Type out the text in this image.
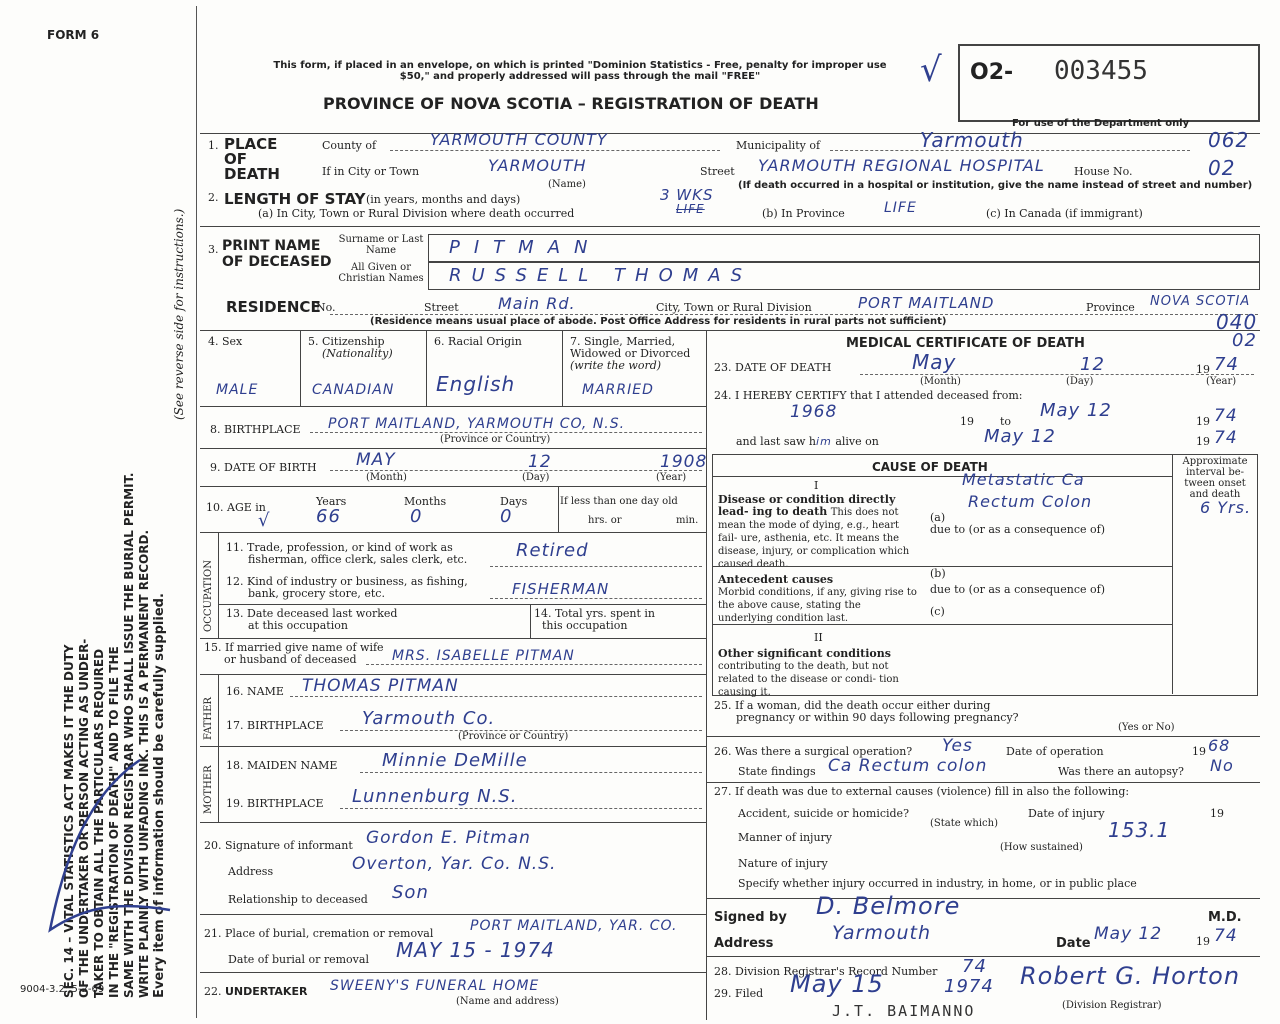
FORM 6
9004-3.2: 5-2-69
This form, if placed in an envelope, on which is printed "Dominion Statistics - Free, penalty for improper use $50," and properly addressed will pass through the mail "FREE"
PROVINCE OF NOVA SCOTIA – REGISTRATION OF DEATH
O2- 003455
For use of the Department only
√
SEC. 14 – VITAL STATISTICS ACT MAKES IT THE DUTY OF THE UNDERTAKER OR PERSON ACTING AS UNDER- TAKER TO OBTAIN ALL THE PARTICULARS REQUIRED IN THE "REGISTRATION OF DEATH" AND TO FILE THE SAME WITH THE DIVISION REGISTRAR WHO SHALL ISSUE THE BURIAL PERMIT. WRITE PLAINLY WITH UNFADING INK. THIS IS A PERMANENT RECORD. Every item of information should be carefully supplied.
(See reverse side for instructions.)
1. PLACE OF DEATH
County of	YARMOUTH COUNTY	Municipality of	Yarmouth	062
If in City or Town	YARMOUTH
(Name)
Street YARMOUTH REGIONAL HOSPITAL	House No.	02
(If death occurred in a hospital or institution, give the name instead of street and number)
2. LENGTH OF STAY (in years, months and days)
(a) In City, Town or Rural Division where death occurred
3 WKS
LIFE	(b) In Province	LIFE	(c) In Canada (if immigrant)
3. PRINT NAME OF DECEASED
Surname or Last Name
All Given or Christian Names
PITMAN
RUSSELL THOMAS
RESIDENCE
No.	Street Main Rd.	City, Town or Rural Division	PORT MAITLAND	Province NOVA SCOTIA
(Residence means usual place of abode. Post Office Address for residents in rural parts not sufficient)	040
02
4. Sex
MALE
5. Citizenship
(Nationality)
CANADIAN
6. Racial Origin
English
7. Single, Married, Widowed or Divorced
(write the word)
MARRIED
8. BIRTHPLACE PORT MAITLAND, YARMOUTH CO, N.S.
(Province or Country)
9. DATE OF BIRTH MAY	12	1908
(Month)	(Day)	(Year)
10. AGE in
√
Years	Months	Days	If less than one day old
hrs. or	min.
66	0	0
OCCUPATION
11. Trade, profession, or kind of work as
fisherman, office clerk, sales clerk, etc.	Retired
12. Kind of industry or business, as fishing,
bank, grocery store, etc.	FISHERMAN
13. Date deceased last worked
at this occupation
14. Total yrs. spent in
this occupation
15. If married give name of wife
or husband of deceased	MRS. ISABELLE PITMAN
FATHER
16. NAME THOMAS PITMAN
17. BIRTHPLACE Yarmouth Co.
(Province or Country)
MOTHER 18. MAIDEN NAME Minnie DeMille
19. BIRTHPLACE Lunnenburg N.S.
20. Signature of informant Gordon E. Pitman
Address	Overton, Yar. Co. N.S.
Relationship to deceased Son
21. Place of burial, cremation or removal	PORT MAITLAND, YAR. CO.
Date of burial or removal MAY 15 - 1974
22. UNDERTAKER SWEENY'S FUNERAL HOME
(Name and address)
MEDICAL CERTIFICATE OF DEATH
23. DATE OF DEATH	May	12	19 74
(Month)	(Day)	(Year)
24. I HEREBY CERTIFY that I attended deceased from:
1968	19 to
May 12
19 74
and last saw him alive on	May 12	19 74
CAUSE OF DEATH	Approximate interval be- tween onset and death
I
Disease or condition directly lead- ing to death This does not mean the mode of dying, e.g., heart fail- ure, asthenia, etc. It means the disease, injury, or complication which caused death.
(a)
Metastatic Ca
Rectum Colon	6 Yrs.
due to (or as a consequence of)
Antecedent causes
Morbid conditions, if any, giving rise to the above cause, stating the underlying condition last.
(b)
due to (or as a consequence of)
(c)
II
Other significant conditions
contributing to the death, but not related to the disease or condi- tion causing it.
25. If a woman, did the death occur either during
pregnancy or within 90 days following pregnancy?
(Yes or No)
26. Was there a surgical operation? Yes	Date of operation	19 68
State findings Ca Rectum colon	Was there an autopsy? No
27. If death was due to external causes (violence) fill in also the following:
Accident, suicide or homicide?	Date of injury	19
(State which)
Manner of injury	153.1
(How sustained)
Nature of injury
Specify whether injury occurred in industry, in home, or in public place
Signed by D. Belmore	M.D.
Address	Yarmouth	Date May 12	19 74
28. Division Registrar's Record Number 74
29. Filed May 15	1974 Robert G. Horton
(Division Registrar)
J.T. BAIMANNO
